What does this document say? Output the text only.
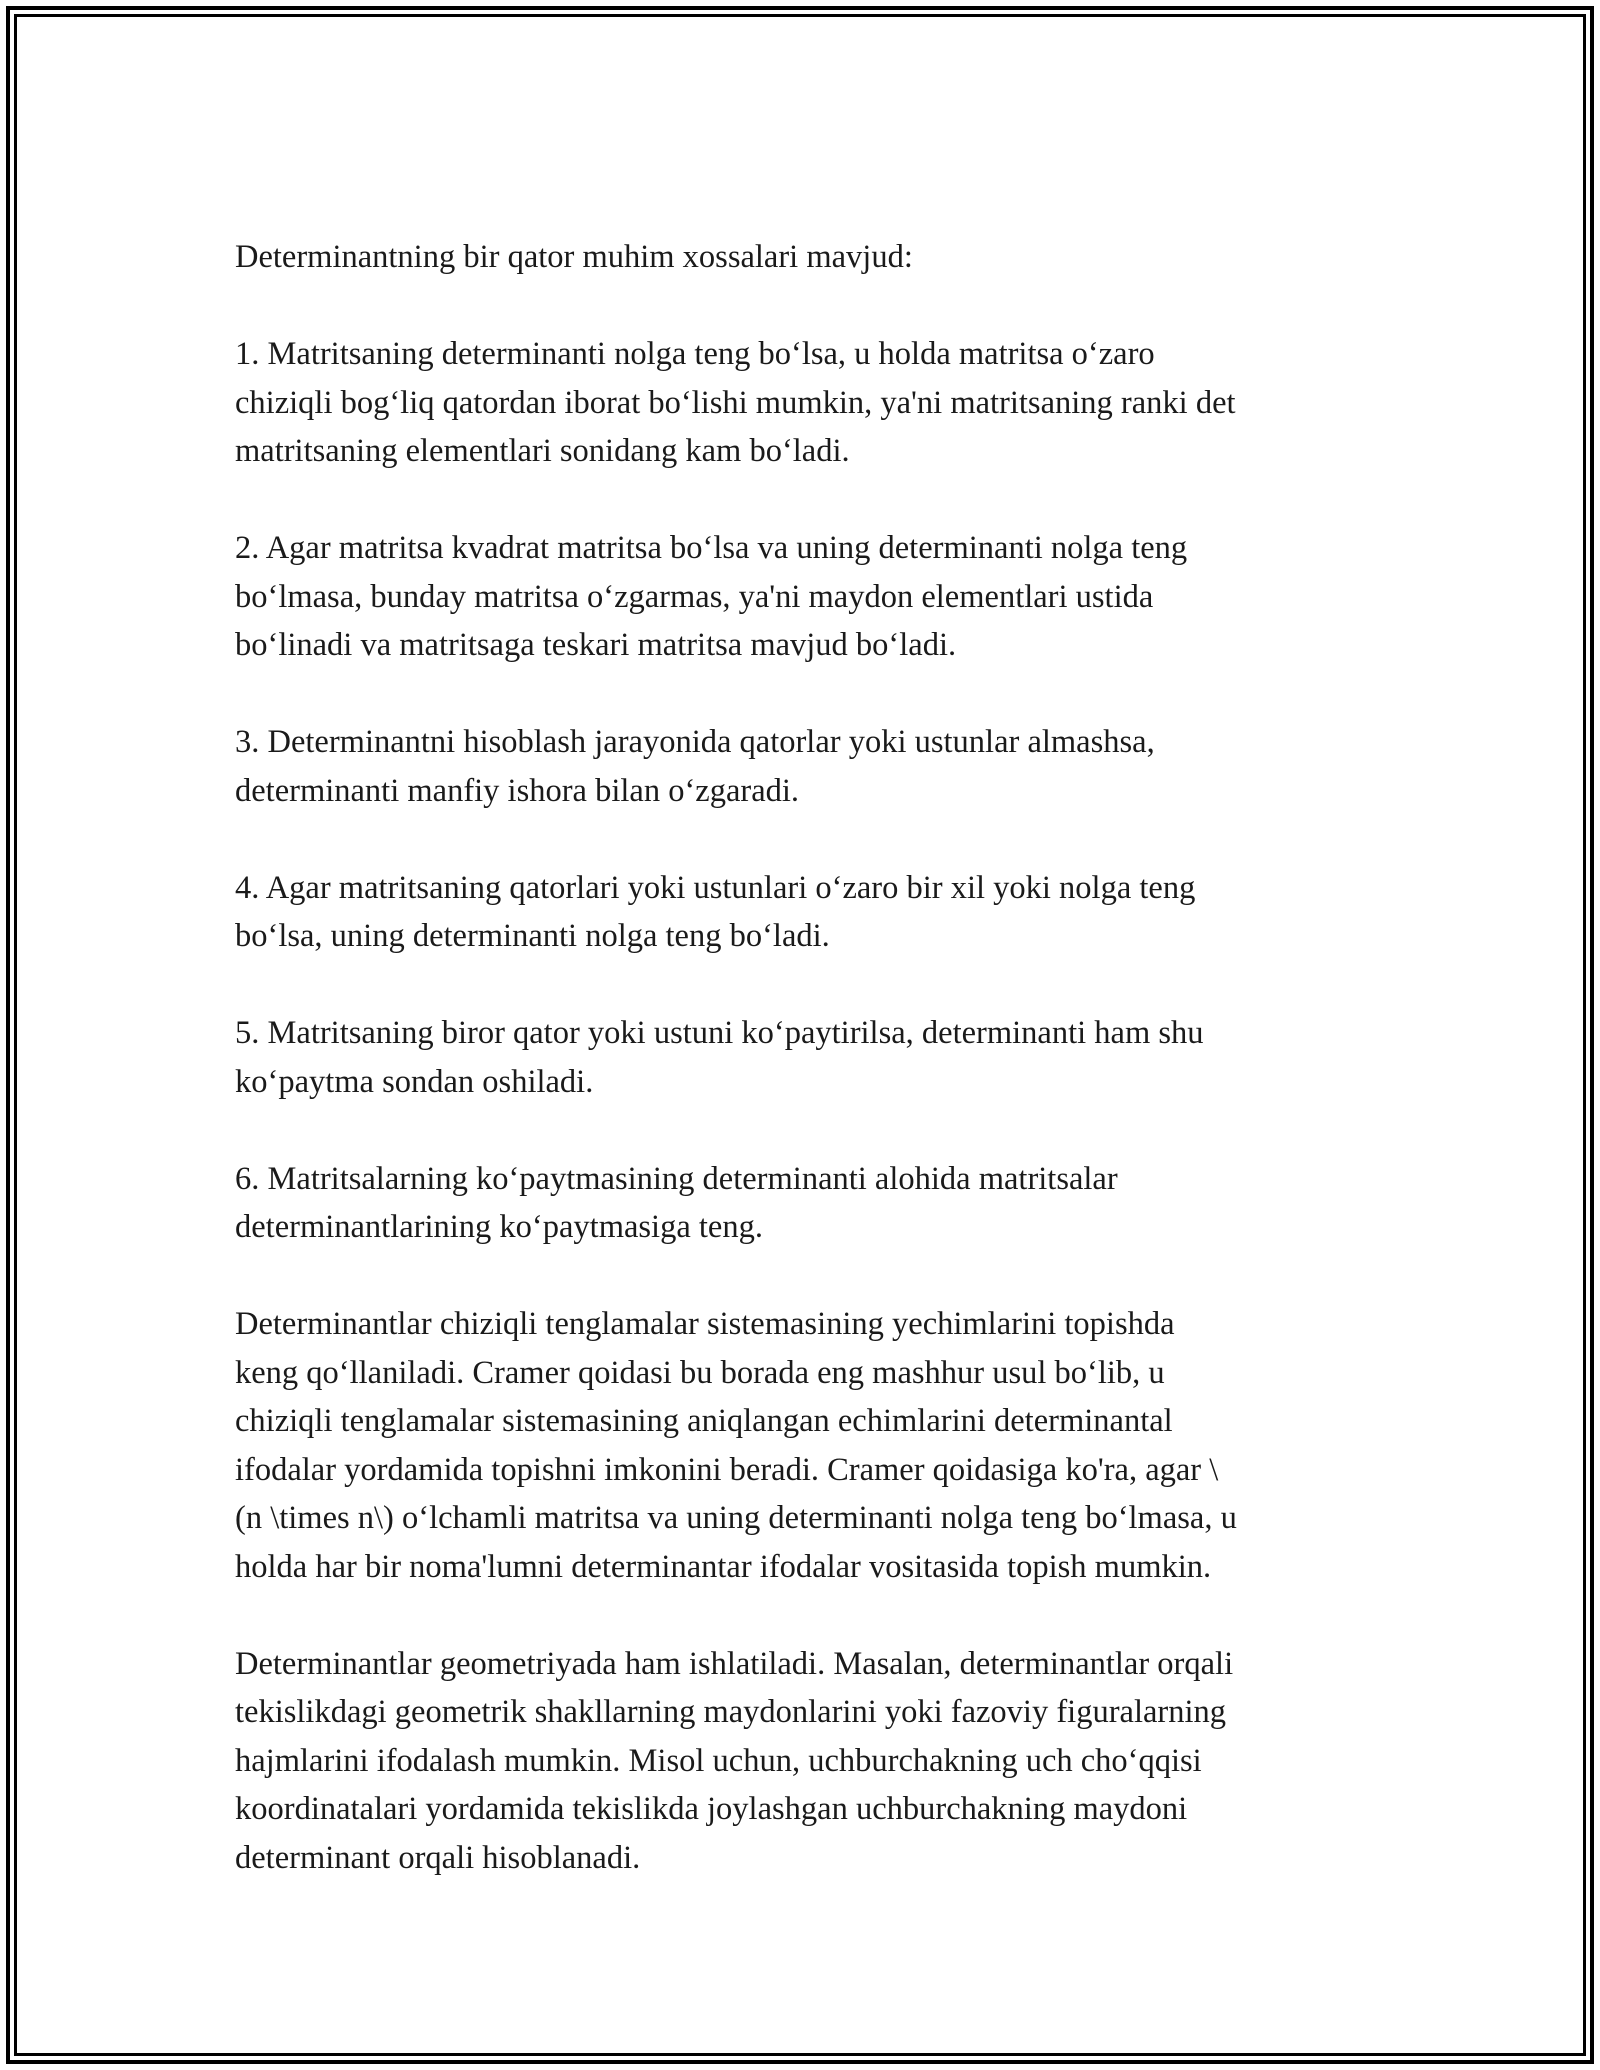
Determinantning bir qator muhim xossalari mavjud:

1. Matritsaning determinanti nolga teng bo‘lsa, u holda matritsa o‘zaro
chiziqli bog‘liq qatordan iborat bo‘lishi mumkin, ya'ni matritsaning ranki det
matritsaning elementlari sonidang kam bo‘ladi.

2. Agar matritsa kvadrat matritsa bo‘lsa va uning determinanti nolga teng
bo‘lmasa, bunday matritsa o‘zgarmas, ya'ni maydon elementlari ustida
bo‘linadi va matritsaga teskari matritsa mavjud bo‘ladi.

3. Determinantni hisoblash jarayonida qatorlar yoki ustunlar almashsa,
determinanti manfiy ishora bilan o‘zgaradi.

4. Agar matritsaning qatorlari yoki ustunlari o‘zaro bir xil yoki nolga teng
bo‘lsa, uning determinanti nolga teng bo‘ladi.

5. Matritsaning biror qator yoki ustuni ko‘paytirilsa, determinanti ham shu
ko‘paytma sondan oshiladi.

6. Matritsalarning ko‘paytmasining determinanti alohida matritsalar
determinantlarining ko‘paytmasiga teng.

Determinantlar chiziqli tenglamalar sistemasining yechimlarini topishda
keng qo‘llaniladi. Cramer qoidasi bu borada eng mashhur usul bo‘lib, u
chiziqli tenglamalar sistemasining aniqlangan echimlarini determinantal
ifodalar yordamida topishni imkonini beradi. Cramer qoidasiga ko'ra, agar \
(n \times n\) o‘lchamli matritsa va uning determinanti nolga teng bo‘lmasa, u
holda har bir noma'lumni determinantar ifodalar vositasida topish mumkin.

Determinantlar geometriyada ham ishlatiladi. Masalan, determinantlar orqali
tekislikdagi geometrik shakllarning maydonlarini yoki fazoviy figuralarning
hajmlarini ifodalash mumkin. Misol uchun, uchburchakning uch cho‘qqisi
koordinatalari yordamida tekislikda joylashgan uchburchakning maydoni
determinant orqali hisoblanadi.
